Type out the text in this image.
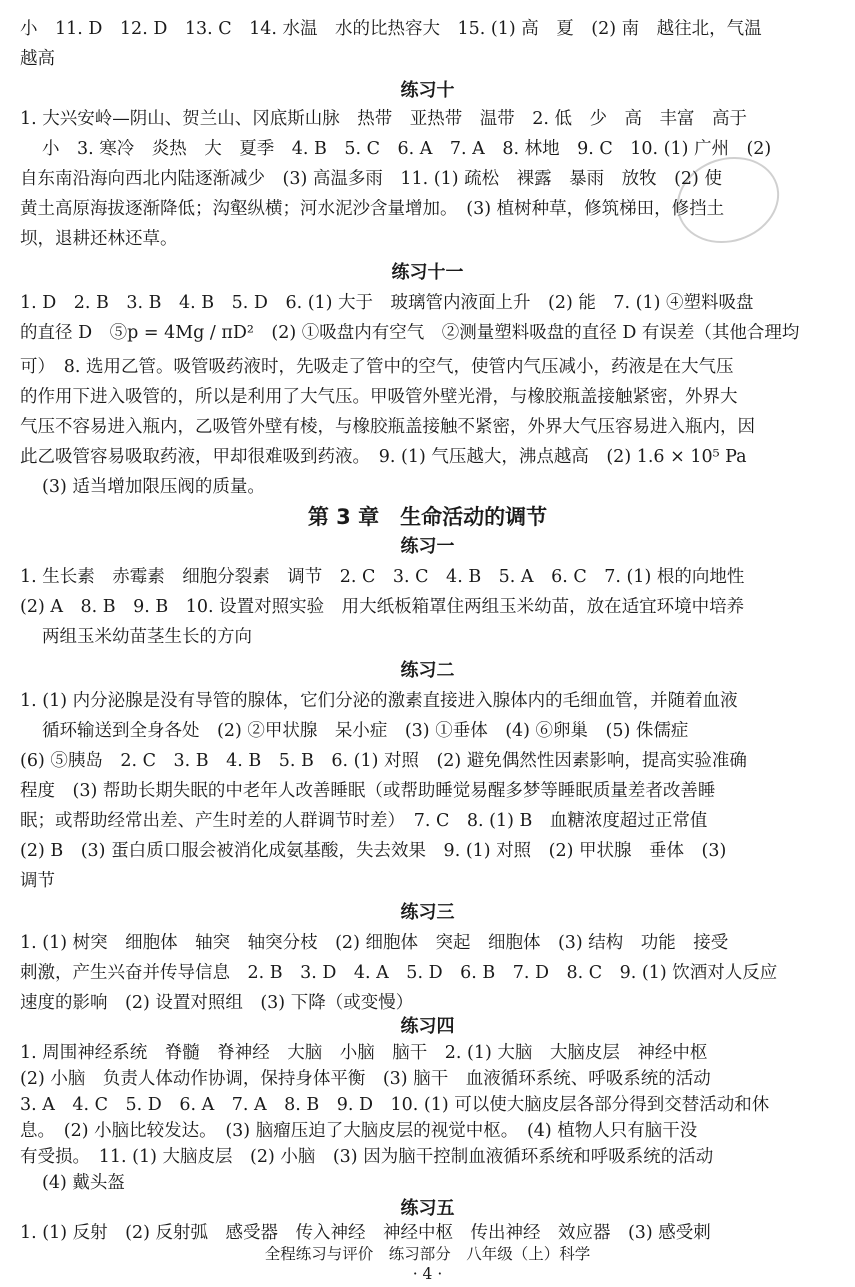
小　11. D　12. D　13. C　14. 水温　水的比热容大　15. (1) 高　夏　(2) 南　越往北，气温
越高
练习十
1. 大兴安岭—阴山、贺兰山、冈底斯山脉　热带　亚热带　温带　2. 低　少　高　丰富　高于
小　3. 寒冷　炎热　大　夏季　4. B　5. C　6. A　7. A　8. 林地　9. C　10. (1) 广州　(2)
自东南沿海向西北内陆逐渐减少　(3) 高温多雨　11. (1) 疏松　裸露　暴雨　放牧　(2) 使
黄土高原海拔逐渐降低；沟壑纵横；河水泥沙含量增加。　(3) 植树种草，修筑梯田，修挡土
坝，退耕还林还草。
练习十一
1. D　2. B　3. B　4. B　5. D　6. (1) 大于　玻璃管内液面上升　(2) 能　7. (1) ④塑料吸盘
的直径 D　⑤p = 4Mg / πD²　(2) ①吸盘内有空气　②测量塑料吸盘的直径 D 有误差（其他合理均
可）　8. 选用乙管。吸管吸药液时，先吸走了管中的空气，使管内气压减小，药液是在大气压
的作用下进入吸管的，所以是利用了大气压。甲吸管外壁光滑，与橡胶瓶盖接触紧密，外界大
气压不容易进入瓶内，乙吸管外壁有棱，与橡胶瓶盖接触不紧密，外界大气压容易进入瓶内，因
此乙吸管容易吸取药液，甲却很难吸到药液。　9. (1) 气压越大，沸点越高　(2) 1.6 × 10⁵ Pa
(3) 适当增加限压阀的质量。
第 3 章　生命活动的调节
练习一
1. 生长素　赤霉素　细胞分裂素　调节　2. C　3. C　4. B　5. A　6. C　7. (1) 根的向地性
(2) A　8. B　9. B　10. 设置对照实验　用大纸板箱罩住两组玉米幼苗，放在适宜环境中培养
两组玉米幼苗茎生长的方向
练习二
1. (1) 内分泌腺是没有导管的腺体，它们分泌的激素直接进入腺体内的毛细血管，并随着血液
循环输送到全身各处　(2) ②甲状腺　呆小症　(3) ①垂体　(4) ⑥卵巢　(5) 侏儒症
(6) ⑤胰岛　2. C　3. B　4. B　5. B　6. (1) 对照　(2) 避免偶然性因素影响，提高实验准确
程度　(3) 帮助长期失眠的中老年人改善睡眠（或帮助睡觉易醒多梦等睡眠质量差者改善睡
眠；或帮助经常出差、产生时差的人群调节时差）　7. C　8. (1) B　血糖浓度超过正常值
(2) B　(3) 蛋白质口服会被消化成氨基酸，失去效果　9. (1) 对照　(2) 甲状腺　垂体　(3)
调节
练习三
1. (1) 树突　细胞体　轴突　轴突分枝　(2) 细胞体　突起　细胞体　(3) 结构　功能　接受
刺激，产生兴奋并传导信息　2. B　3. D　4. A　5. D　6. B　7. D　8. C　9. (1) 饮酒对人反应
速度的影响　(2) 设置对照组　(3) 下降（或变慢）
练习四
1. 周围神经系统　脊髓　脊神经　大脑　小脑　脑干　2. (1) 大脑　大脑皮层　神经中枢
(2) 小脑　负责人体动作协调，保持身体平衡　(3) 脑干　血液循环系统、呼吸系统的活动
3. A　4. C　5. D　6. A　7. A　8. B　9. D　10. (1) 可以使大脑皮层各部分得到交替活动和休
息。　(2) 小脑比较发达。　(3) 脑瘤压迫了大脑皮层的视觉中枢。　(4) 植物人只有脑干没
有受损。　11. (1) 大脑皮层　(2) 小脑　(3) 因为脑干控制血液循环系统和呼吸系统的活动
(4) 戴头盔
练习五
1. (1) 反射　(2) 反射弧　感受器　传入神经　神经中枢　传出神经　效应器　(3) 感受刺
全程练习与评价　练习部分　八年级（上）科学
· 4 ·
